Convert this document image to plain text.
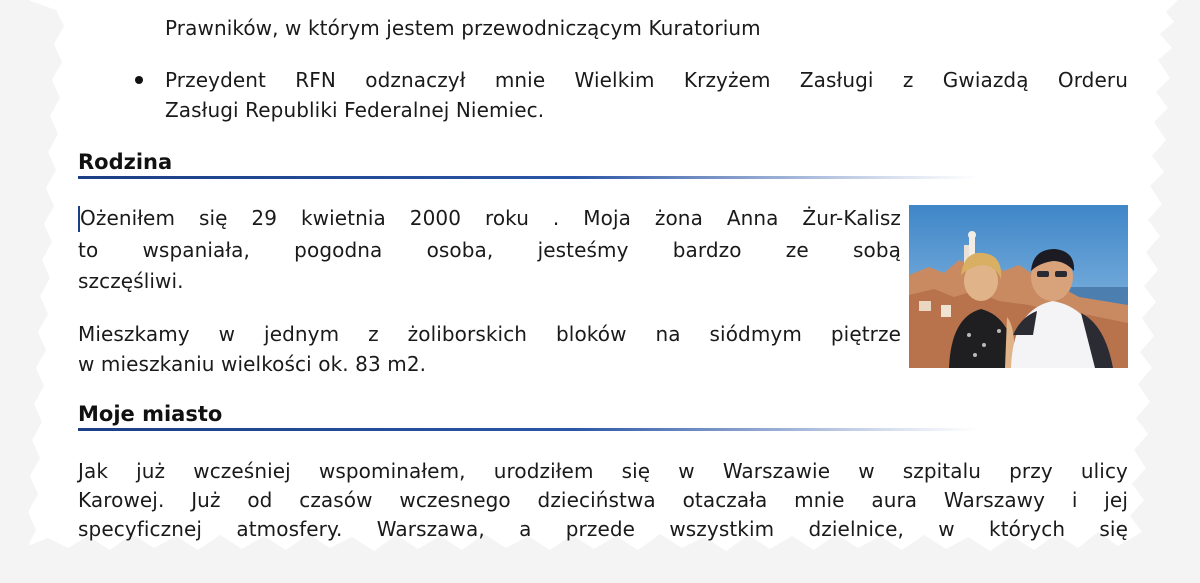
Prawników, w którym jestem przewodniczącym Kuratorium
Przeydent RFN odznaczył mnie Wielkim Krzyżem Zasługi z Gwiazdą Orderu
Zasługi Republiki Federalnej Niemiec.
Rodzina
Ożeniłem się 29 kwietnia 2000 roku . Moja żona Anna Żur-Kalisz
to wspaniała, pogodna osoba, jesteśmy bardzo ze sobą
szczęśliwi.
Mieszkamy w jednym z żoliborskich bloków na siódmym piętrze
w mieszkaniu wielkości ok. 83 m2.
Moje miasto
Jak już wcześniej wspominałem, urodziłem się w Warszawie w szpitalu przy ulicy
Karowej. Już od czasów wczesnego dzieciństwa otaczała mnie aura Warszawy i jej
specyficznej atmosfery. Warszawa, a przede wszystkim dzielnice, w których się
